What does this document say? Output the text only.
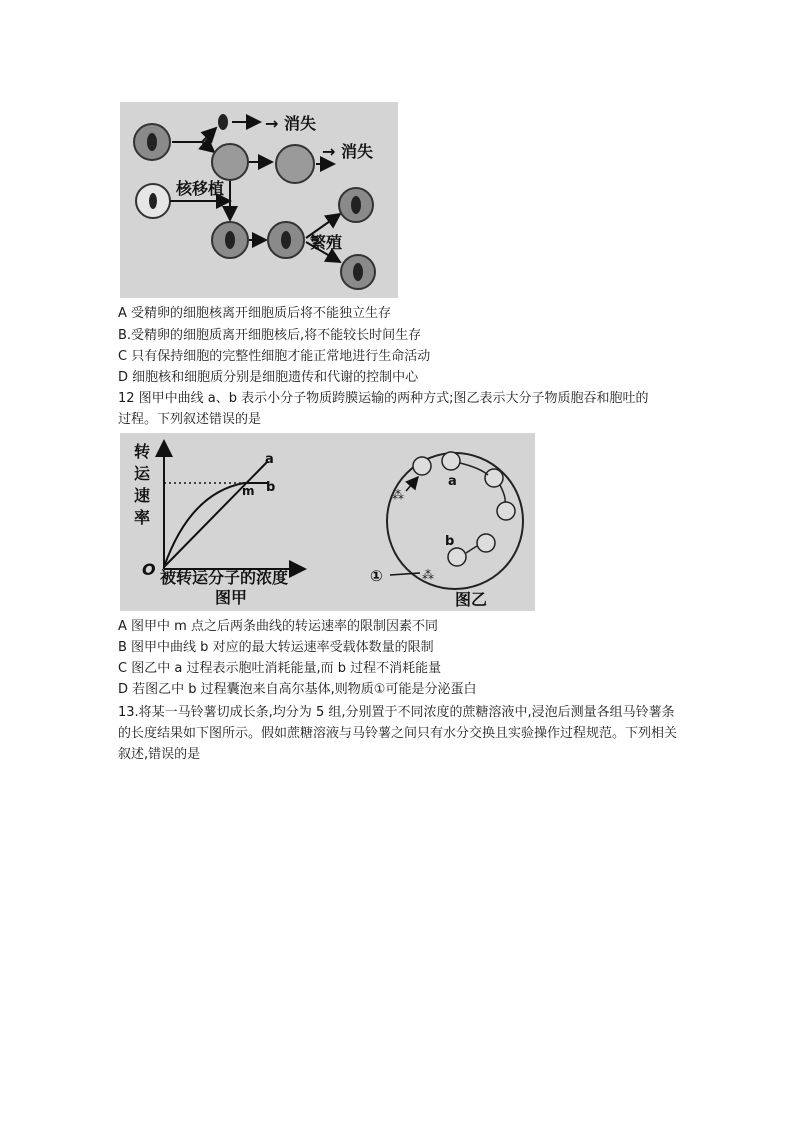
→ 消失
→ 消失
核移植
繁殖
A 受精卵的细胞核离开细胞质后将不能独立生存
B.受精卵的细胞质离开细胞核后,将不能较长时间生存
C 只有保持细胞的完整性细胞才能正常地进行生命活动
D 细胞核和细胞质分别是细胞遗传和代谢的控制中心
12 图甲中曲线 a、b 表示小分子物质跨膜运输的两种方式;图乙表示大分子物质胞吞和胞吐的
过程。下列叙述错误的是
转
运
速
率
O 被转运分子的浓度
图甲
a
b
m
a
⁂
b
⁂
①
图乙
A 图甲中 m 点之后两条曲线的转运速率的限制因素不同
B 图甲中曲线 b 对应的最大转运速率受载体数量的限制
C 图乙中 a 过程表示胞吐消耗能量,而 b 过程不消耗能量
D 若图乙中 b 过程囊泡来自高尔基体,则物质①可能是分泌蛋白
13.将某一马铃薯切成长条,均分为 5 组,分别置于不同浓度的蔗糖溶液中,浸泡后测量各组马铃薯条的长度结果如下图所示。假如蔗糖溶液与马铃薯之间只有水分交换且实验操作过程规范。下列相关叙述,错误的是
